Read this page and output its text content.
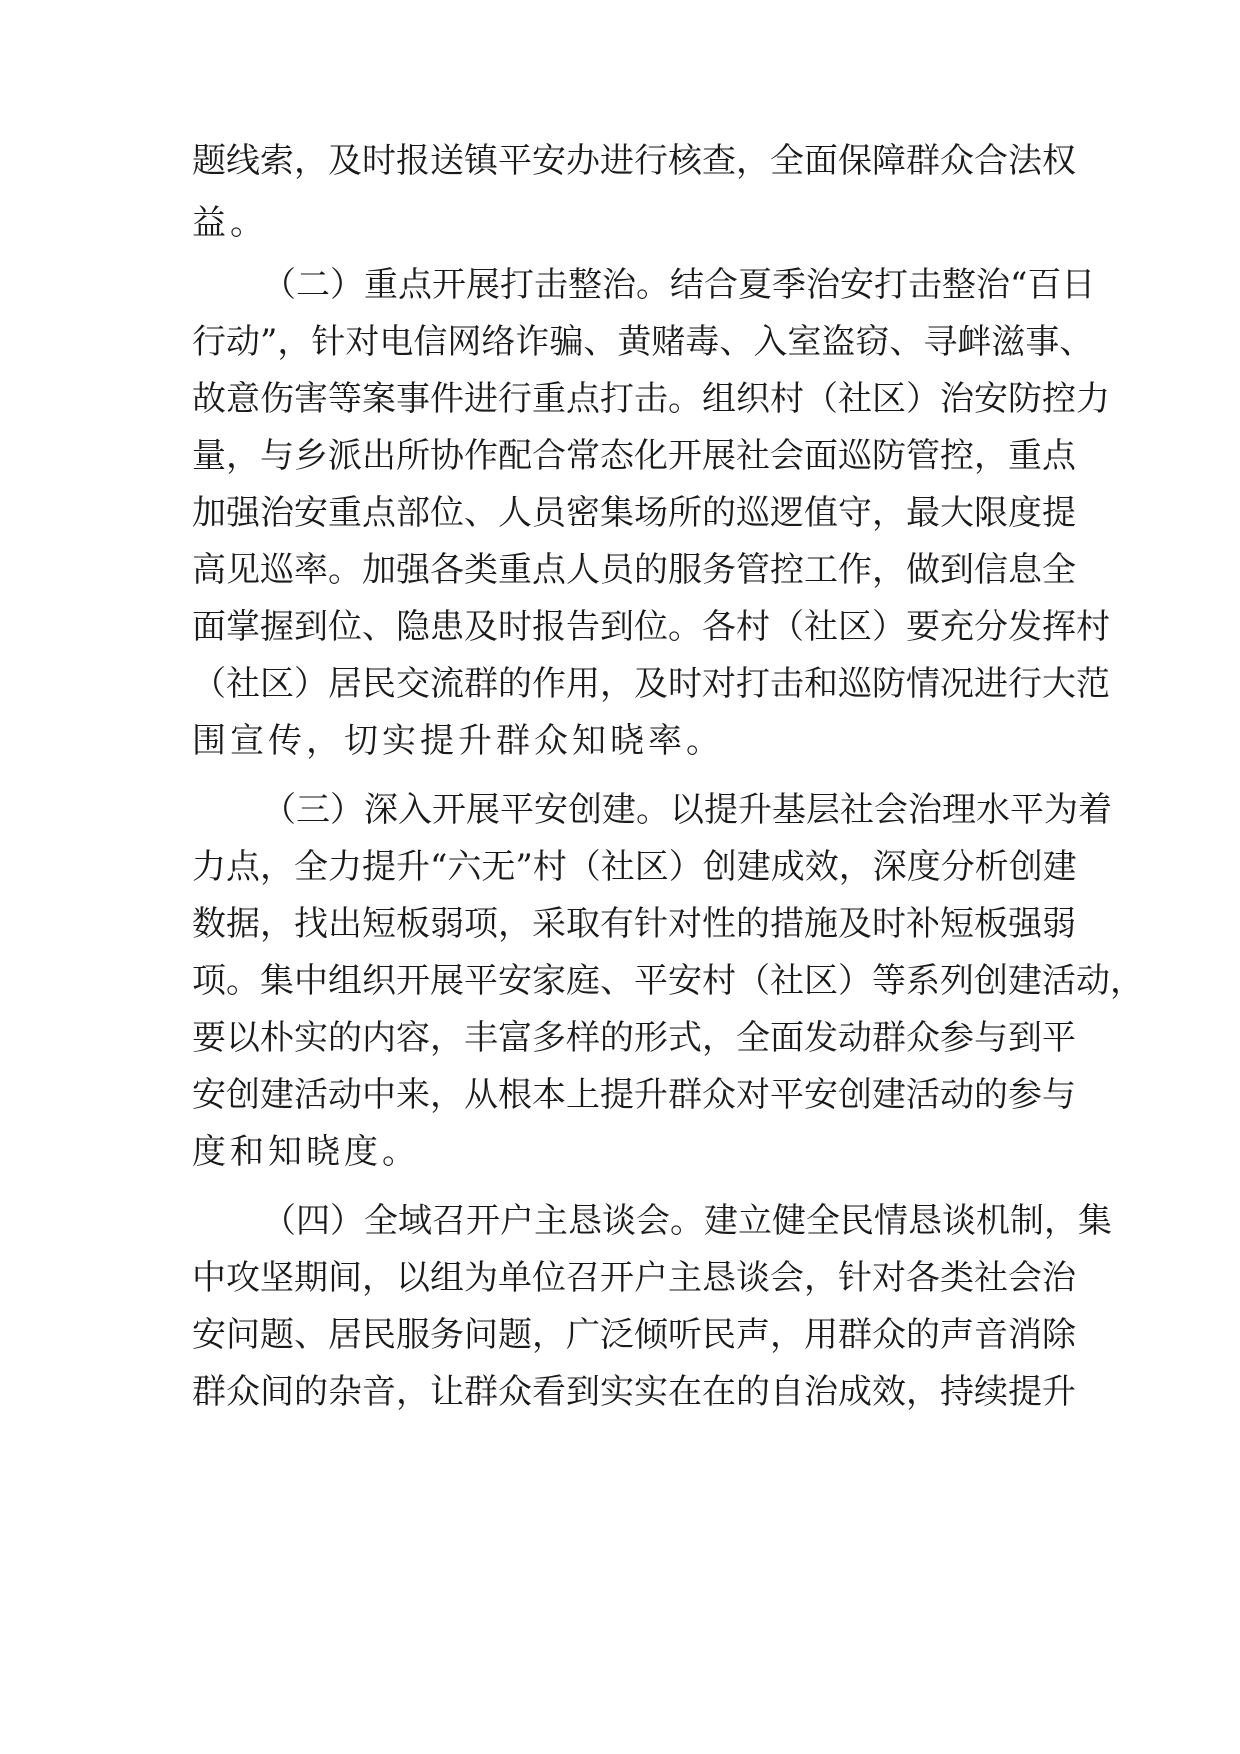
题线索，及时报送镇平安办进行核查，全面保障群众合法权
益。
（二）重点开展打击整治。结合夏季治安打击整治“百日
行动”，针对电信网络诈骗、黄赌毒、入室盗窃、寻衅滋事、
故意伤害等案事件进行重点打击。组织村（社区）治安防控力
量，与乡派出所协作配合常态化开展社会面巡防管控，重点
加强治安重点部位、人员密集场所的巡逻值守，最大限度提
高见巡率。加强各类重点人员的服务管控工作，做到信息全
面掌握到位、隐患及时报告到位。各村（社区）要充分发挥村
（社区）居民交流群的作用，及时对打击和巡防情况进行大范
围宣传，切实提升群众知晓率。
（三）深入开展平安创建。以提升基层社会治理水平为着
力点，全力提升“六无”村（社区）创建成效，深度分析创建
数据，找出短板弱项，采取有针对性的措施及时补短板强弱
项。集中组织开展平安家庭、平安村（社区）等系列创建活动，
要以朴实的内容，丰富多样的形式，全面发动群众参与到平
安创建活动中来，从根本上提升群众对平安创建活动的参与
度和知晓度。
（四）全域召开户主恳谈会。建立健全民情恳谈机制，集
中攻坚期间，以组为单位召开户主恳谈会，针对各类社会治
安问题、居民服务问题，广泛倾听民声，用群众的声音消除
群众间的杂音，让群众看到实实在在的自治成效，持续提升
